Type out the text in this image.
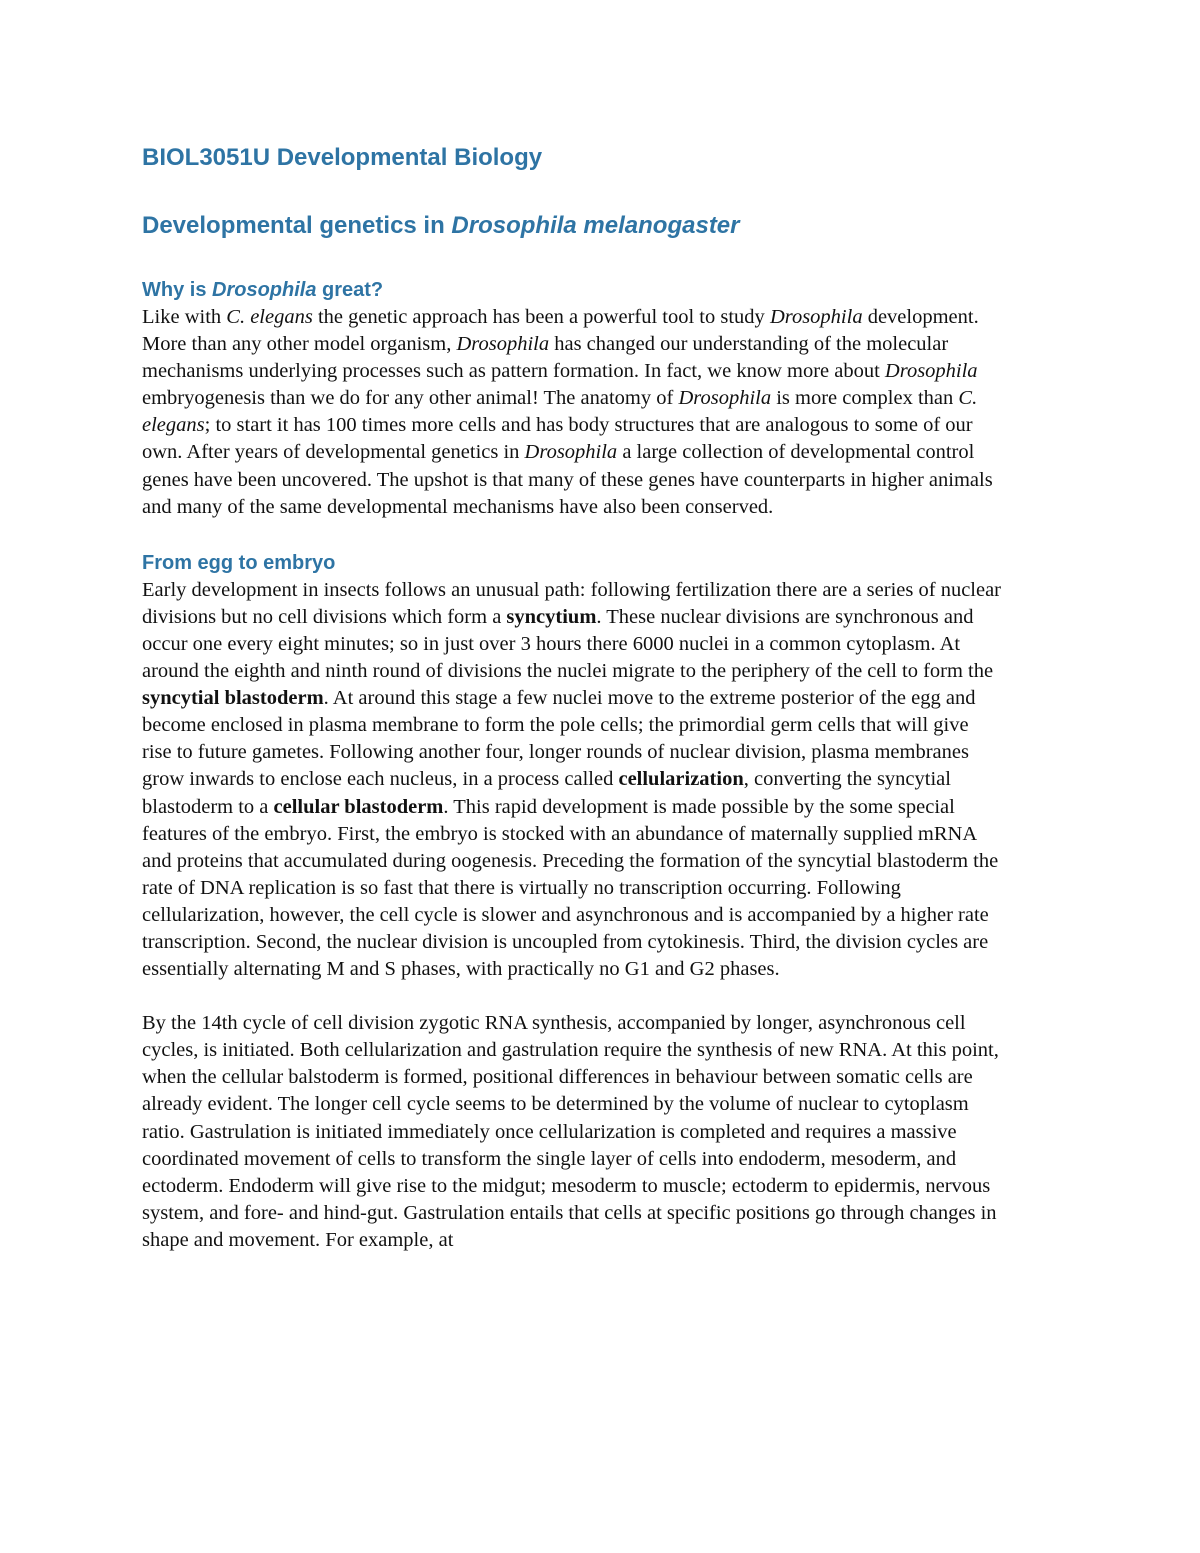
BIOL3051U Developmental Biology
Developmental genetics in Drosophila melanogaster
Why is Drosophila great?

Like with C. elegans the genetic approach has been a powerful tool to study Drosophila development. More than any other model organism, Drosophila has changed our understanding of the molecular mechanisms underlying processes such as pattern formation. In fact, we know more about Drosophila embryogenesis than we do for any other animal! The anatomy of Drosophila is more complex than C. elegans; to start it has 100 times more cells and has body structures that are analogous to some of our own. After years of developmental genetics in Drosophila a large collection of developmental control genes have been uncovered. The upshot is that many of these genes have counterparts in higher animals and many of the same developmental mechanisms have also been conserved.

From egg to embryo

Early development in insects follows an unusual path: following fertilization there are a series of nuclear divisions but no cell divisions which form a syncytium. These nuclear divisions are synchronous and occur one every eight minutes; so in just over 3 hours there 6000 nuclei in a common cytoplasm. At around the eighth and ninth round of divisions the nuclei migrate to the periphery of the cell to form the syncytial blastoderm. At around this stage a few nuclei move to the extreme posterior of the egg and become enclosed in plasma membrane to form the pole cells; the primordial germ cells that will give rise to future gametes. Following another four, longer rounds of nuclear division, plasma membranes grow inwards to enclose each nucleus, in a process called cellularization, converting the syncytial blastoderm to a cellular blastoderm. This rapid development is made possible by the some special features of the embryo. First, the embryo is stocked with an abundance of maternally supplied mRNA and proteins that accumulated during oogenesis. Preceding the formation of the syncytial blastoderm the rate of DNA replication is so fast that there is virtually no transcription occurring. Following cellularization, however, the cell cycle is slower and asynchronous and is accompanied by a higher rate transcription. Second, the nuclear division is uncoupled from cytokinesis. Third, the division cycles are essentially alternating M and S phases, with practically no G1 and G2 phases.

By the 14th cycle of cell division zygotic RNA synthesis, accompanied by longer, asynchronous cell cycles, is initiated. Both cellularization and gastrulation require the synthesis of new RNA. At this point, when the cellular balstoderm is formed, positional differences in behaviour between somatic cells are already evident. The longer cell cycle seems to be determined by the volume of nuclear to cytoplasm ratio. Gastrulation is initiated immediately once cellularization is completed and requires a massive coordinated movement of cells to transform the single layer of cells into endoderm, mesoderm, and ectoderm. Endoderm will give rise to the midgut; mesoderm to muscle; ectoderm to epidermis, nervous system, and fore- and hind-gut. Gastrulation entails that cells at specific positions go through changes in shape and movement. For example, at
